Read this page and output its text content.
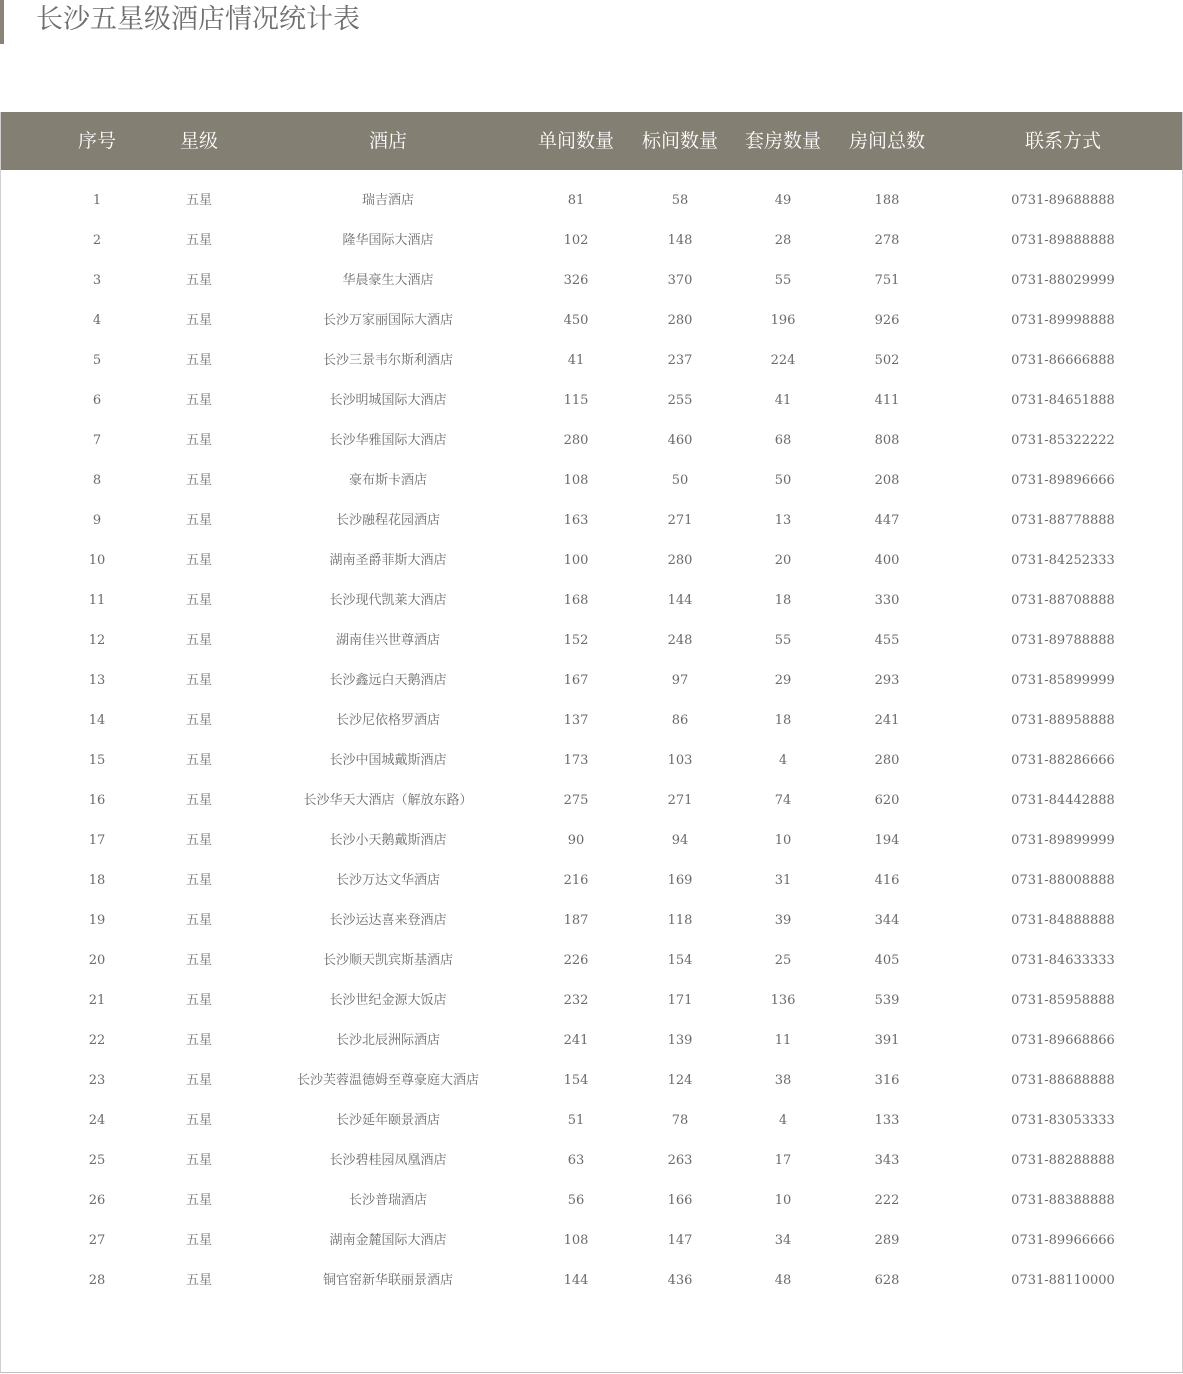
长沙五星级酒店情况统计表
序号	星级	酒店	单间数量	标间数量	套房数量	房间总数	联系方式
1	五星	瑞吉酒店	81	58	49	188	0731-89688888
2	五星	隆华国际大酒店	102	148	28	278	0731-89888888
3	五星	华晨豪生大酒店	326	370	55	751	0731-88029999
4	五星	长沙万家丽国际大酒店	450	280	196	926	0731-89998888
5	五星	长沙三景韦尔斯利酒店	41	237	224	502	0731-86666888
6	五星	长沙明城国际大酒店	115	255	41	411	0731-84651888
7	五星	长沙华雅国际大酒店	280	460	68	808	0731-85322222
8	五星	豪布斯卡酒店	108	50	50	208	0731-89896666
9	五星	长沙融程花园酒店	163	271	13	447	0731-88778888
10	五星	湖南圣爵菲斯大酒店	100	280	20	400	0731-84252333
11	五星	长沙现代凯莱大酒店	168	144	18	330	0731-88708888
12	五星	湖南佳兴世尊酒店	152	248	55	455	0731-89788888
13	五星	长沙鑫远白天鹅酒店	167	97	29	293	0731-85899999
14	五星	长沙尼依格罗酒店	137	86	18	241	0731-88958888
15	五星	长沙中国城戴斯酒店	173	103	4	280	0731-88286666
16	五星	长沙华天大酒店（解放东路）	275	271	74	620	0731-84442888
17	五星	长沙小天鹅戴斯酒店	90	94	10	194	0731-89899999
18	五星	长沙万达文华酒店	216	169	31	416	0731-88008888
19	五星	长沙运达喜来登酒店	187	118	39	344	0731-84888888
20	五星	长沙顺天凯宾斯基酒店	226	154	25	405	0731-84633333
21	五星	长沙世纪金源大饭店	232	171	136	539	0731-85958888
22	五星	长沙北辰洲际酒店	241	139	11	391	0731-89668866
23	五星	长沙芙蓉温德姆至尊豪庭大酒店	154	124	38	316	0731-88688888
24	五星	长沙延年颐景酒店	51	78	4	133	0731-83053333
25	五星	长沙碧桂园凤凰酒店	63	263	17	343	0731-88288888
26	五星	长沙普瑞酒店	56	166	10	222	0731-88388888
27	五星	湖南金麓国际大酒店	108	147	34	289	0731-89966666
28	五星	铜官窑新华联丽景酒店	144	436	48	628	0731-88110000
